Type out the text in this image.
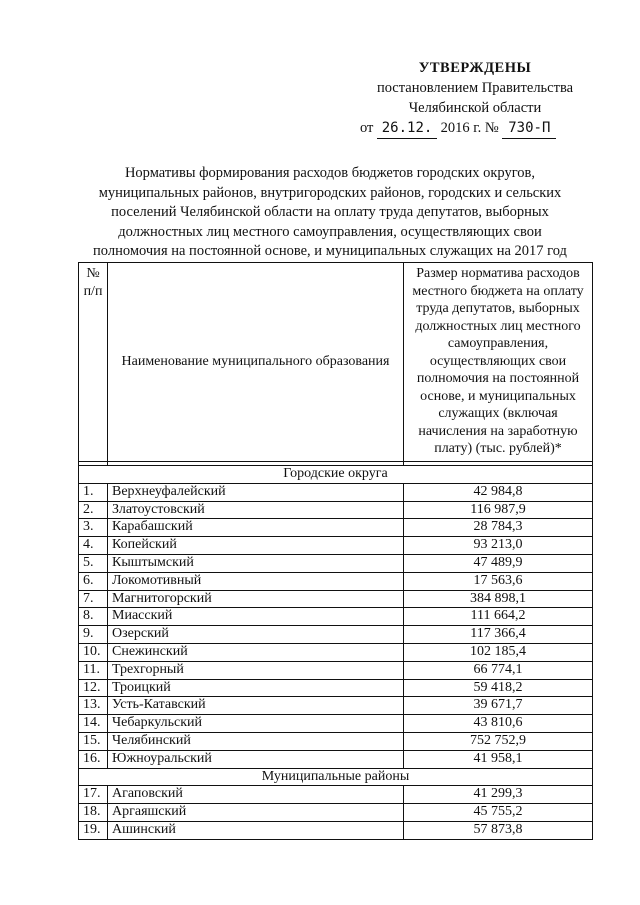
УТВЕРЖДЕНЫ
постановлением Правительства
Челябинской области
от 26.12. 2016 г. № 730-П
Нормативы формирования расходов бюджетов городских округов,
муниципальных районов, внутригородских районов, городских и сельских
поселений Челябинской области на оплату труда депутатов, выборных
должностных лиц местного самоуправления, осуществляющих свои
полномочия на постоянной основе, и муниципальных служащих на 2017 год
№
п/п	Наименование муниципального образования	Размер норматива расходов местного бюджета на оплату труда депутатов, выборных должностных лиц местного самоуправления, осуществляющих свои полномочия на постоянной основе, и муниципальных служащих (включая начисления на заработную плату) (тыс. рублей)*

Городские округа		
1.	Верхнеуфалейский	42 984,8
2.	Златоустовский	116 987,9
3.	Карабашский	28 784,3
4.	Копейский	93 213,0
5.	Кыштымский	47 489,9
6.	Локомотивный	17 563,6
7.	Магнитогорский	384 898,1
8.	Миасский	111 664,2
9.	Озерский	117 366,4
10.	Снежинский	102 185,4
11.	Трехгорный	66 774,1
12.	Троицкий	59 418,2
13.	Усть-Катавский	39 671,7
14.	Чебаркульский	43 810,6
15.	Челябинский	752 752,9
16.	Южноуральский	41 958,1
Муниципальные районы		
17.	Агаповский	41 299,3
18.	Аргаяшский	45 755,2
19.	Ашинский	57 873,8
